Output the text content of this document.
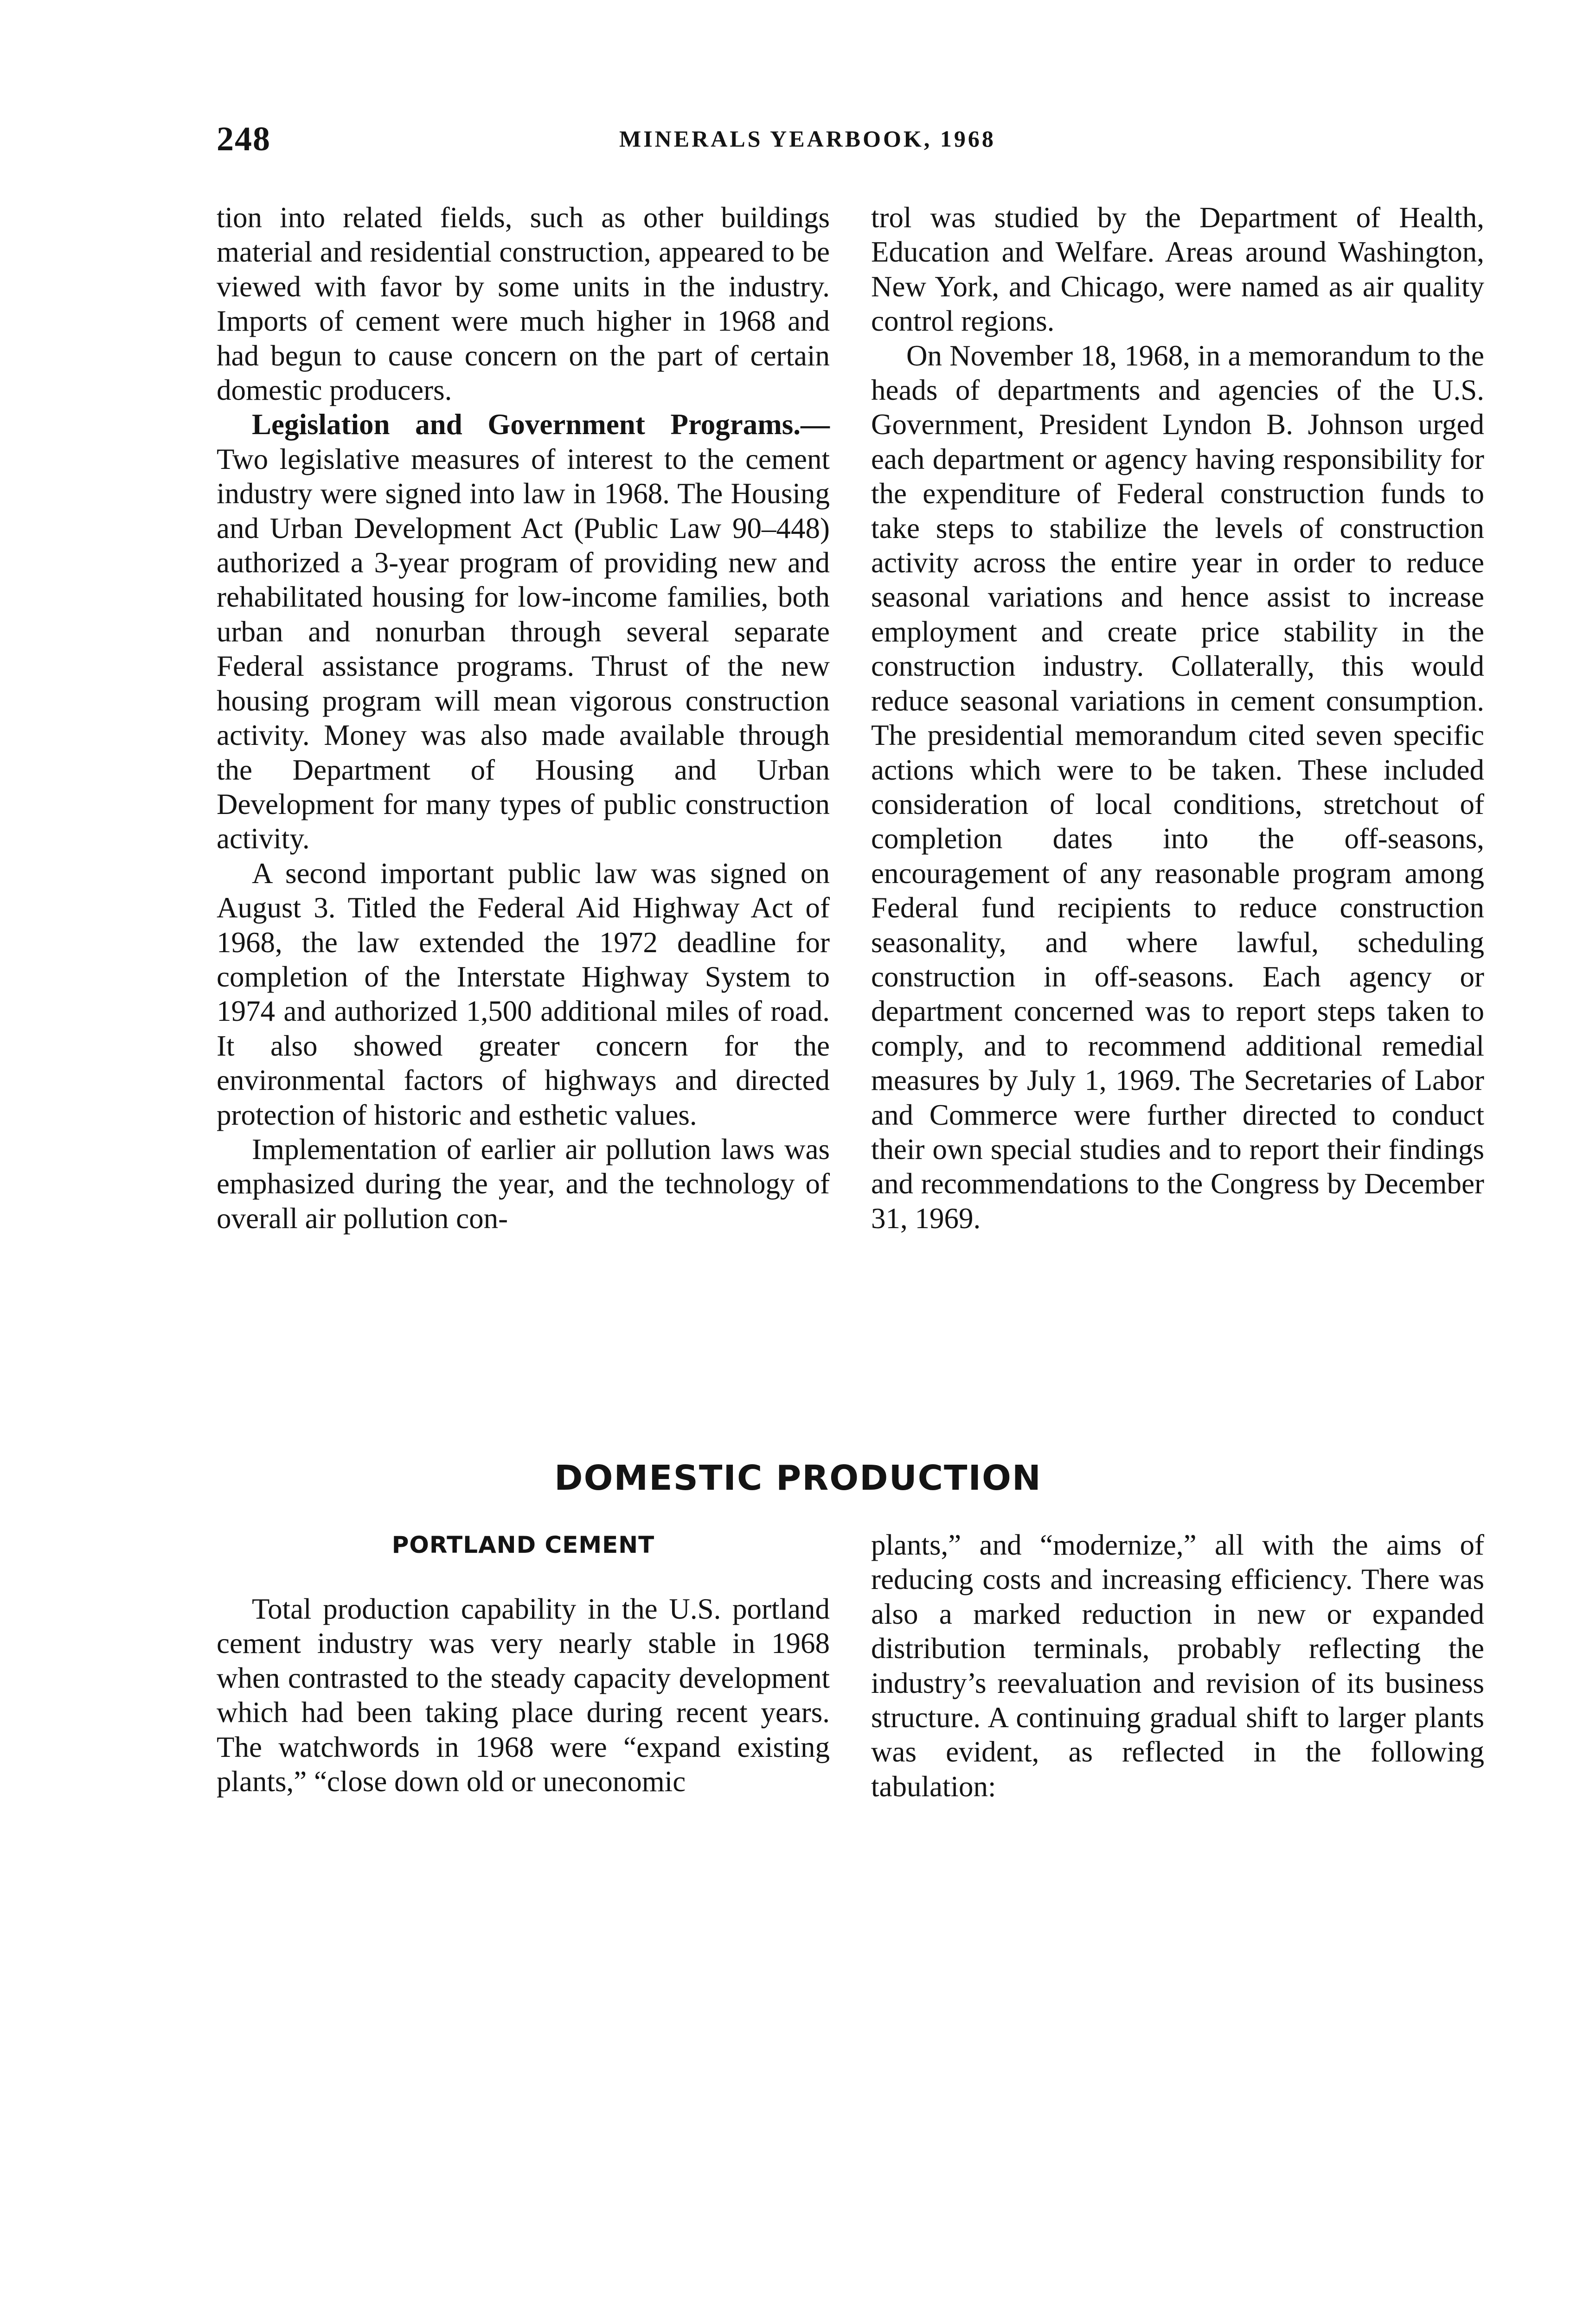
248	MINERALS YEARBOOK, 1968

tion into related fields, such as other buildings material and residential construction, appeared to be viewed with favor by some units in the industry. Imports of cement were much higher in 1968 and had begun to cause concern on the part of certain domestic producers.

Legislation and Government Programs.— Two legislative measures of interest to the cement industry were signed into law in 1968. The Housing and Urban Development Act (Public Law 90–448) authorized a 3-year program of providing new and rehabilitated housing for low-income families, both urban and nonurban through several separate Federal assistance programs. Thrust of the new housing program will mean vigorous construction activity. Money was also made available through the Department of Housing and Urban Development for many types of public construction activity.

A second important public law was signed on August 3. Titled the Federal Aid Highway Act of 1968, the law extended the 1972 deadline for completion of the Interstate Highway System to 1974 and authorized 1,500 additional miles of road. It also showed greater concern for the environmental factors of highways and directed protection of historic and esthetic values.

Implementation of earlier air pollution laws was emphasized during the year, and the technology of overall air pollution con-

trol was studied by the Department of Health, Education and Welfare. Areas around Washington, New York, and Chicago, were named as air quality control regions.

On November 18, 1968, in a memorandum to the heads of departments and agencies of the U.S. Government, President Lyndon B. Johnson urged each department or agency having responsibility for the expenditure of Federal construction funds to take steps to stabilize the levels of construction activity across the entire year in order to reduce seasonal variations and hence assist to increase employment and create price stability in the construction industry. Collaterally, this would reduce seasonal variations in cement consumption. The presidential memorandum cited seven specific actions which were to be taken. These included consideration of local conditions, stretchout of completion dates into the off-seasons, encouragement of any reasonable program among Federal fund recipients to reduce construction seasonality, and where lawful, scheduling construction in off-seasons. Each agency or department concerned was to report steps taken to comply, and to recommend additional remedial measures by July 1, 1969. The Secretaries of Labor and Commerce were further directed to conduct their own special studies and to report their findings and recommendations to the Congress by December 31, 1969.

DOMESTIC PRODUCTION
PORTLAND CEMENT

Total production capability in the U.S. portland cement industry was very nearly stable in 1968 when contrasted to the steady capacity development which had been taking place during recent years. The watchwords in 1968 were “expand existing plants,” “close down old or uneconomic

plants,” and “modernize,” all with the aims of reducing costs and increasing efficiency. There was also a marked reduction in new or expanded distribution terminals, probably reflecting the industry’s reevaluation and revision of its business structure. A continuing gradual shift to larger plants was evident, as reflected in the following tabulation:
